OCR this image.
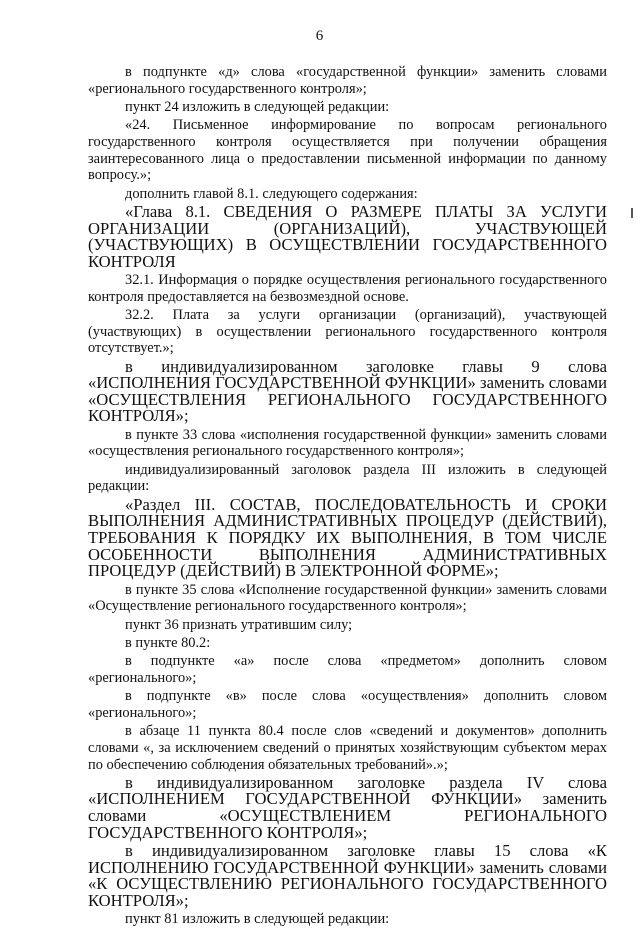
6

в подпункте «д» слова «государственной функции» заменить словами «регионального государственного контроля»;

пункт 24 изложить в следующей редакции:

«24. Письменное информирование по вопросам регионального государственного контроля осуществляется при получении обращения заинтересованного лица о предоставлении письменной информации по данному вопросу.»;

дополнить главой 8.1. следующего содержания:

«Глава 8.1. СВЕДЕНИЯ О РАЗМЕРЕ ПЛАТЫ ЗА УСЛУГИ ОРГАНИЗАЦИИ (ОРГАНИЗАЦИЙ), УЧАСТВУЮЩЕЙ (УЧАСТВУЮЩИХ) В ОСУЩЕСТВЛЕНИИ ГОСУДАРСТВЕННОГО КОНТРОЛЯ

32.1. Информация о порядке осуществления регионального государственного контроля предоставляется на безвозмездной основе.

32.2. Плата за услуги организации (организаций), участвующей (участвующих) в осуществлении регионального государственного контроля отсутствует.»;

в индивидуализированном заголовке главы 9 слова «ИСПОЛНЕНИЯ ГОСУДАРСТВЕННОЙ ФУНКЦИИ» заменить словами «ОСУЩЕСТВЛЕНИЯ РЕГИОНАЛЬНОГО ГОСУДАРСТВЕННОГО КОНТРОЛЯ»;

в пункте 33 слова «исполнения государственной функции» заменить словами «осуществления регионального государственного контроля»;

индивидуализированный заголовок раздела III изложить в следующей редакции:

«Раздел III. СОСТАВ, ПОСЛЕДОВАТЕЛЬНОСТЬ И СРОКИ ВЫПОЛНЕНИЯ АДМИНИСТРАТИВНЫХ ПРОЦЕДУР (ДЕЙСТВИЙ), ТРЕБОВАНИЯ К ПОРЯДКУ ИХ ВЫПОЛНЕНИЯ, В ТОМ ЧИСЛЕ ОСОБЕННОСТИ ВЫПОЛНЕНИЯ АДМИНИСТРАТИВНЫХ ПРОЦЕДУР (ДЕЙСТВИЙ) В ЭЛЕКТРОННОЙ ФОРМЕ»;

в пункте 35 слова «Исполнение государственной функции» заменить словами «Осуществление регионального государственного контроля»;

пункт 36 признать утратившим силу;

в пункте 80.2:

в подпункте «а» после слова «предметом» дополнить словом «регионального»;

в подпункте «в» после слова «осуществления» дополнить словом «регионального»;

в абзаце 11 пункта 80.4 после слов «сведений и документов» дополнить словами «, за исключением сведений о принятых хозяйствующим субъектом мерах по обеспечению соблюдения обязательных требований».»;

в индивидуализированном заголовке раздела IV слова «ИСПОЛНЕНИЕМ ГОСУДАРСТВЕННОЙ ФУНКЦИИ» заменить словами «ОСУЩЕСТВЛЕНИЕМ РЕГИОНАЛЬНОГО ГОСУДАРСТВЕННОГО КОНТРОЛЯ»;

в индивидуализированном заголовке главы 15 слова «К ИСПОЛНЕНИЮ ГОСУДАРСТВЕННОЙ ФУНКЦИИ» заменить словами «К ОСУЩЕСТВЛЕНИЮ РЕГИОНАЛЬНОГО ГОСУДАРСТВЕННОГО КОНТРОЛЯ»;

пункт 81 изложить в следующей редакции:
